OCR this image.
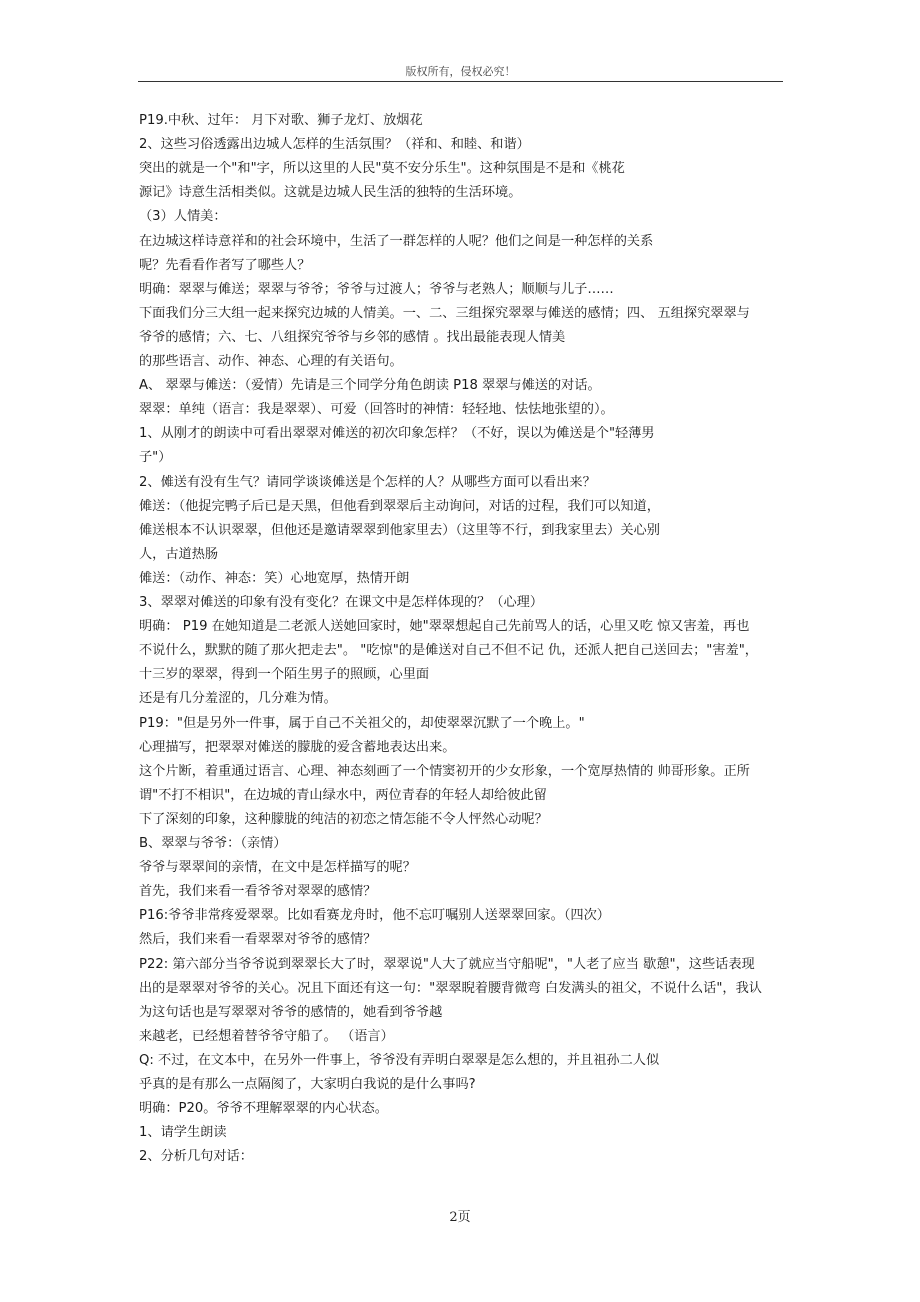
版权所有，侵权必究！
P19.中秋、过年： 月下对歌、狮子龙灯、放烟花
2、这些习俗透露出边城人怎样的生活氛围？（祥和、和睦、和谐）
突出的就是一个"和"字，所以这里的人民"莫不安分乐生"。这种氛围是不是和《桃花
源记》诗意生活相类似。这就是边城人民生活的独特的生活环境。
（3）人情美：
在边城这样诗意祥和的社会环境中，生活了一群怎样的人呢？他们之间是一种怎样的关系
呢？先看看作者写了哪些人？
明确：翠翠与傩送；翠翠与爷爷；爷爷与过渡人；爷爷与老熟人；顺顺与儿子……
下面我们分三大组一起来探究边城的人情美。一、二、三组探究翠翠与傩送的感情；四、 五组探究翠翠与
爷爷的感情；六、七、八组探究爷爷与乡邻的感情 。找出最能表现人情美
的那些语言、动作、神态、心理的有关语句。
A、 翠翠与傩送：（爱情）先请是三个同学分角色朗读 P18 翠翠与傩送的对话。
翠翠：单纯（语言：我是翠翠）、可爱（回答时的神情：轻轻地、怯怯地张望的）。
1、从刚才的朗读中可看出翠翠对傩送的初次印象怎样？（不好，误以为傩送是个"轻薄男
子"）
2、傩送有没有生气？请同学谈谈傩送是个怎样的人？从哪些方面可以看出来？
傩送：（他捉完鸭子后已是天黑，但他看到翠翠后主动询问，对话的过程，我们可以知道，
傩送根本不认识翠翠，但他还是邀请翠翠到他家里去）（这里等不行，到我家里去）关心别
人，古道热肠
傩送：（动作、神态：笑）心地宽厚，热情开朗
3、翠翠对傩送的印象有没有变化？在课文中是怎样体现的？（心理）
明确： P19 在她知道是二老派人送她回家时，她"翠翠想起自己先前骂人的话，心里又吃 惊又害羞，再也
不说什么，默默的随了那火把走去"。 "吃惊"的是傩送对自己不但不记 仇，还派人把自己送回去；"害羞"，
十三岁的翠翠，得到一个陌生男子的照顾，心里面
还是有几分羞涩的，几分难为情。
P19："但是另外一件事，属于自己不关祖父的，却使翠翠沉默了一个晚上。"
心理描写，把翠翠对傩送的朦胧的爱含蓄地表达出来。
这个片断，着重通过语言、心理、神态刻画了一个情窦初开的少女形象，一个宽厚热情的 帅哥形象。正所
谓"不打不相识"，在边城的青山绿水中，两位青春的年轻人却给彼此留
下了深刻的印象，这种朦胧的纯洁的初恋之情怎能不令人怦然心动呢？
B、翠翠与爷爷：（亲情）
爷爷与翠翠间的亲情，在文中是怎样描写的呢？
首先，我们来看一看爷爷对翠翠的感情？
P16:爷爷非常疼爱翠翠。比如看赛龙舟时，他不忘叮嘱别人送翠翠回家。（四次）
然后，我们来看一看翠翠对爷爷的感情？
P22: 第六部分当爷爷说到翠翠长大了时，翠翠说"人大了就应当守船呢"，"人老了应当 歇憩"，这些话表现
出的是翠翠对爷爷的关心。况且下面还有这一句："翠翠睨着腰背微弯 白发满头的祖父，不说什么话"，我认
为这句话也是写翠翠对爷爷的感情的，她看到爷爷越
来越老，已经想着替爷爷守船了。 （语言）
Q: 不过，在文本中，在另外一件事上，爷爷没有弄明白翠翠是怎么想的，并且祖孙二人似
乎真的是有那么一点隔阂了，大家明白我说的是什么事吗?
明确：P20。爷爷不理解翠翠的内心状态。
1、请学生朗读
2、分析几句对话：
2页
